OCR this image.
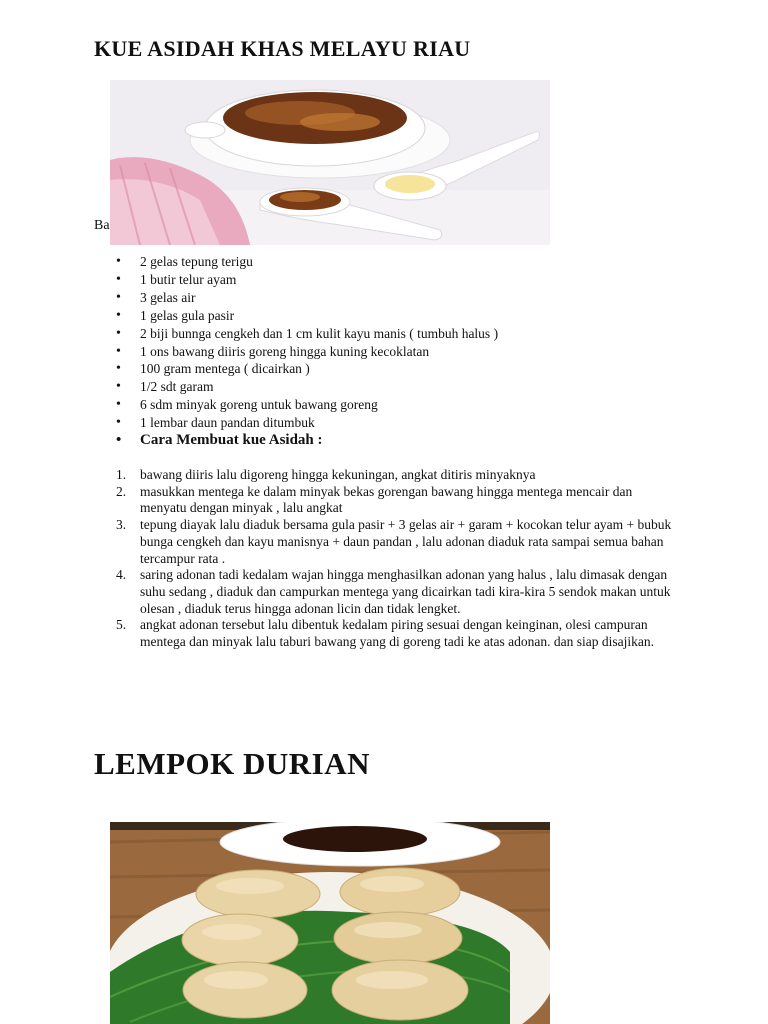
KUE ASIDAH KHAS MELAYU RIAU
Ba
• 2 gelas tepung terigu
• 1 butir telur ayam
• 3 gelas air
• 1 gelas gula pasir
• 2 biji bunnga cengkeh dan 1 cm kulit kayu manis ( tumbuh halus )
• 1 ons bawang diiris goreng hingga kuning kecoklatan
• 100 gram mentega ( dicairkan )
• 1/2 sdt garam
• 6 sdm minyak goreng untuk bawang goreng
• 1 lembar daun pandan ditumbuk
• Cara Membuat kue Asidah :
1. bawang diiris lalu digoreng hingga kekuningan, angkat ditiris minyaknya
2. masukkan mentega ke dalam minyak bekas gorengan bawang hingga mentega mencair dan menyatu dengan minyak , lalu angkat
3. tepung diayak lalu diaduk bersama gula pasir + 3 gelas air + garam + kocokan telur ayam + bubuk bunga cengkeh dan kayu manisnya + daun pandan , lalu adonan diaduk rata sampai semua bahan tercampur rata .
4. saring adonan tadi kedalam wajan hingga menghasilkan adonan yang halus , lalu dimasak dengan suhu sedang , diaduk dan campurkan mentega yang dicairkan tadi kira-kira 5 sendok makan untuk olesan , diaduk terus hingga adonan licin dan tidak lengket.
5. angkat adonan tersebut lalu dibentuk kedalam piring sesuai dengan keinginan, olesi campuran mentega dan minyak lalu taburi bawang yang di goreng tadi ke atas adonan. dan siap disajikan.
LEMPOK DURIAN
